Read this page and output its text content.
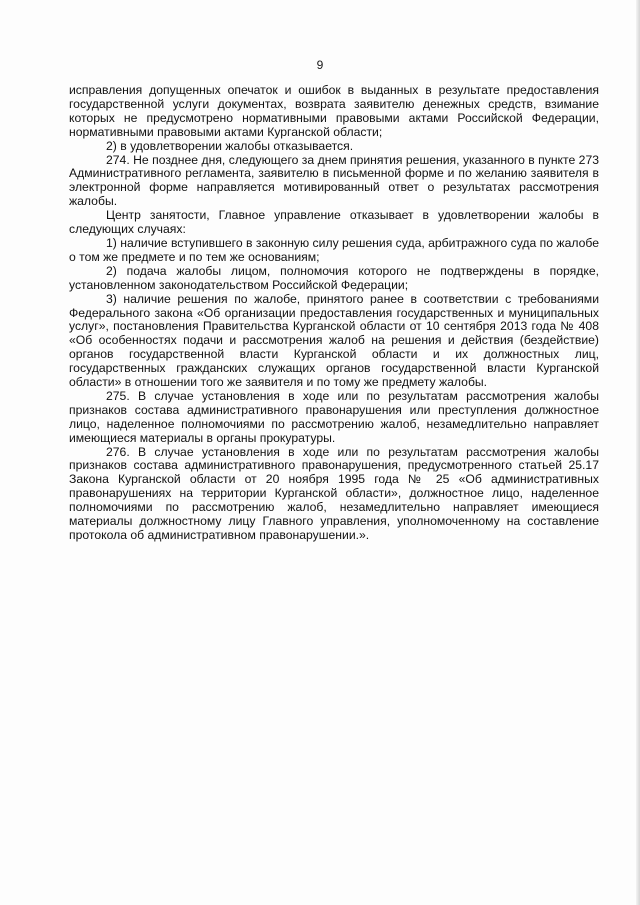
9

исправления допущенных опечаток и ошибок в выданных в результате предоставления государственной услуги документах, возврата заявителю денежных средств, взимание которых не предусмотрено нормативными правовыми актами Российской Федерации, нормативными правовыми актами Курганской области;

2) в удовлетворении жалобы отказывается.

274. Не позднее дня, следующего за днем принятия решения, указанного в пункте 273 Административного регламента, заявителю в письменной форме и по желанию заявителя в электронной форме направляется мотивированный ответ о результатах рассмотрения жалобы.

Центр занятости, Главное управление отказывает в удовлетворении жалобы в следующих случаях:

1) наличие вступившего в законную силу решения суда, арбитражного суда по жалобе о том же предмете и по тем же основаниям;

2) подача жалобы лицом, полномочия которого не подтверждены в порядке, установленном законодательством Российской Федерации;

3) наличие решения по жалобе, принятого ранее в соответствии с требованиями Федерального закона «Об организации предоставления государственных и муниципальных услуг», постановления Правительства Курганской области от 10 сентября 2013 года № 408 «Об особенностях подачи и рассмотрения жалоб на решения и действия (бездействие) органов государственной власти Курганской области и их должностных лиц, государственных гражданских служащих органов государственной власти Курганской области» в отношении того же заявителя и по тому же предмету жалобы.

275. В случае установления в ходе или по результатам рассмотрения жалобы признаков состава административного правонарушения или преступления должностное лицо, наделенное полномочиями по рассмотрению жалоб, незамедлительно направляет имеющиеся материалы в органы прокуратуры.

276. В случае установления в ходе или по результатам рассмотрения жалобы признаков состава административного правонарушения, предусмотренного статьей 25.17 Закона Курганской области от 20 ноября 1995 года № 25 «Об административных правонарушениях на территории Курганской области», должностное лицо, наделенное полномочиями по рассмотрению жалоб, незамедлительно направляет имеющиеся материалы должностному лицу Главного управления, уполномоченному на составление протокола об административном правонарушении.».
